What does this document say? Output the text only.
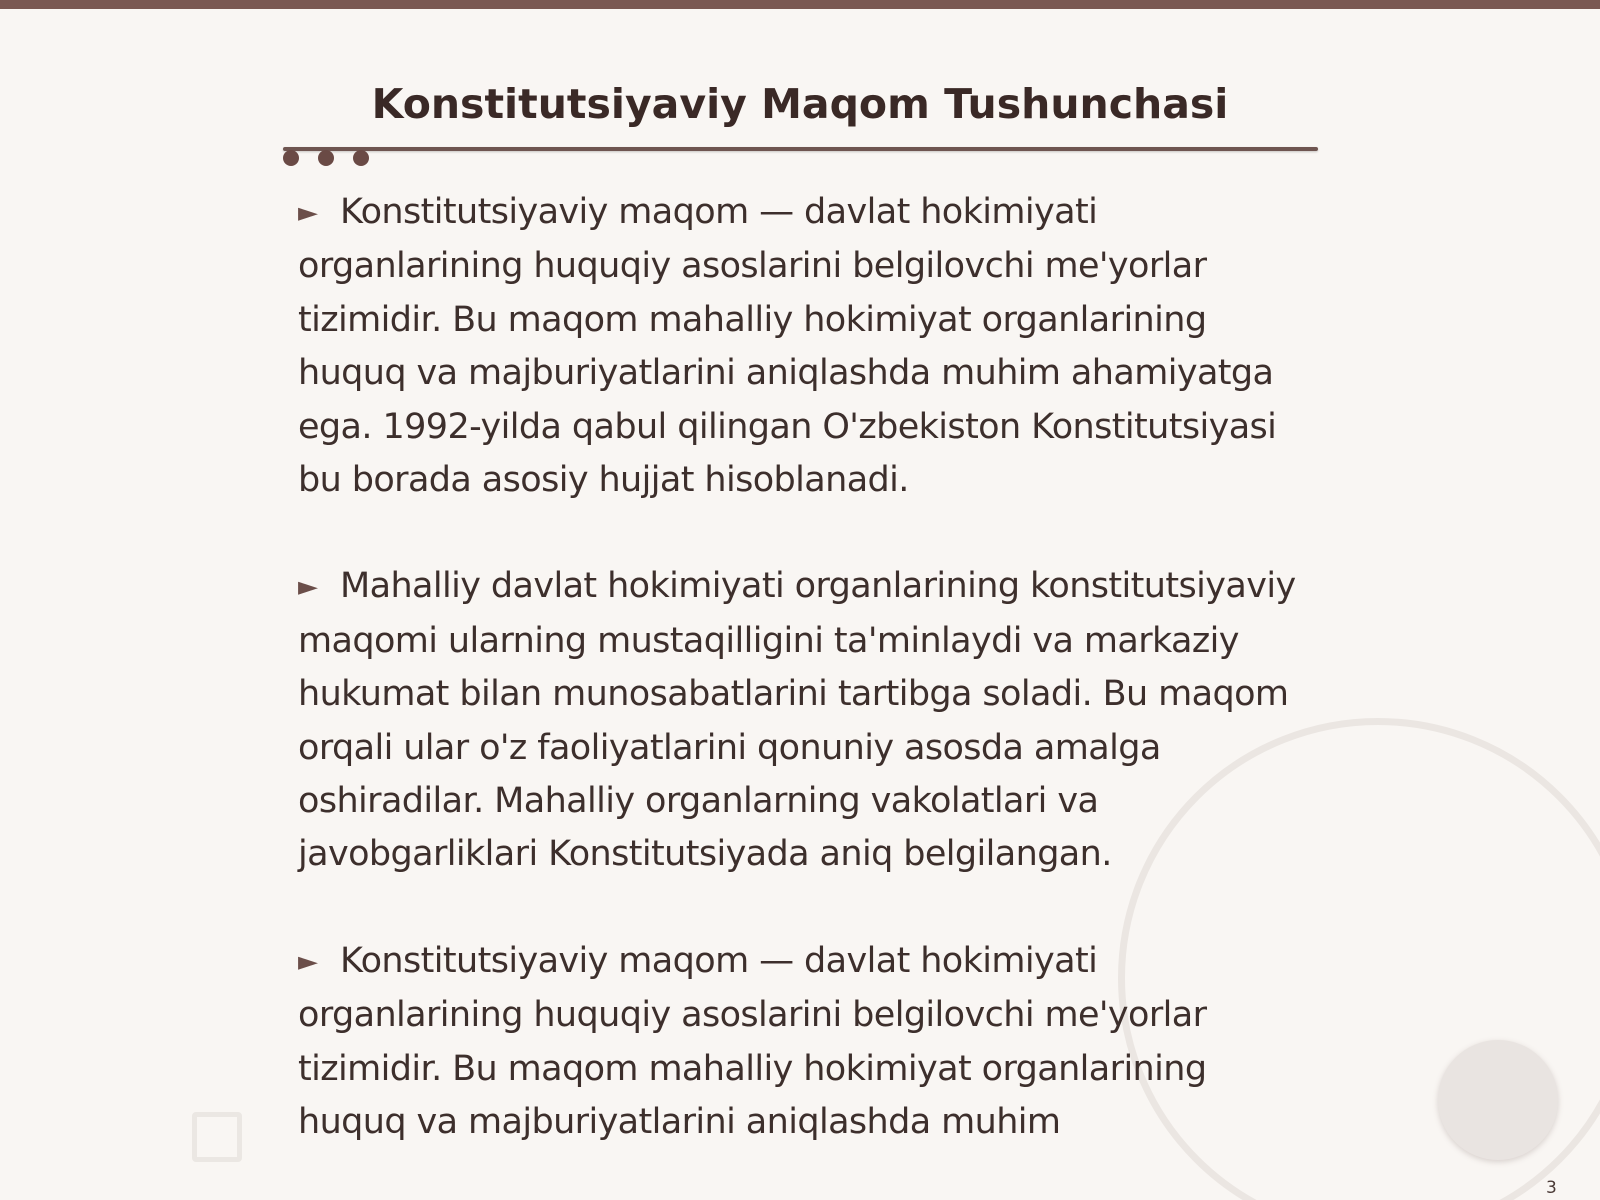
Konstitutsiyaviy Maqom Tushunchasi

► Konstitutsiyaviy maqom — davlat hokimiyati organlarining huquqiy asoslarini belgilovchi me'yorlar tizimidir. Bu maqom mahalliy hokimiyat organlarining huquq va majburiyatlarini aniqlashda muhim ahamiyatga ega. 1992-yilda qabul qilingan O'zbekiston Konstitutsiyasi bu borada asosiy hujjat hisoblanadi.

► Mahalliy davlat hokimiyati organlarining konstitutsiyaviy maqomi ularning mustaqilligini ta'minlaydi va markaziy hukumat bilan munosabatlarini tartibga soladi. Bu maqom orqali ular o'z faoliyatlarini qonuniy asosda amalga oshiradilar. Mahalliy organlarning vakolatlari va javobgarliklari Konstitutsiyada aniq belgilangan.

► Konstitutsiyaviy maqom — davlat hokimiyati organlarining huquqiy asoslarini belgilovchi me'yorlar tizimidir. Bu maqom mahalliy hokimiyat organlarining huquq va majburiyatlarini aniqlashda muhim

3
